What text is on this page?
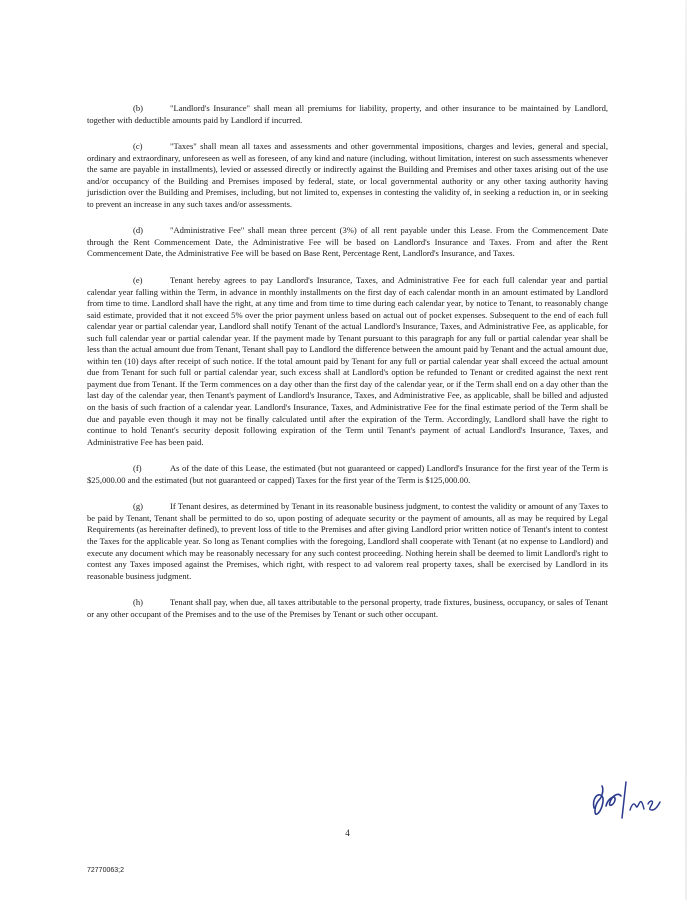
(b)	"Landlord's Insurance" shall mean all premiums for liability, property, and other insurance to be maintained by Landlord, together with deductible amounts paid by Landlord if incurred.

(c)	"Taxes" shall mean all taxes and assessments and other governmental impositions, charges and levies, general and special, ordinary and extraordinary, unforeseen as well as foreseen, of any kind and nature (including, without limitation, interest on such assessments whenever the same are payable in installments), levied or assessed directly or indirectly against the Building and Premises and other taxes arising out of the use and/or occupancy of the Building and Premises imposed by federal, state, or local governmental authority or any other taxing authority having jurisdiction over the Building and Premises, including, but not limited to, expenses in contesting the validity of, in seeking a reduction in, or in seeking to prevent an increase in any such taxes and/or assessments.

(d)	"Administrative Fee" shall mean three percent (3%) of all rent payable under this Lease. From the Commencement Date through the Rent Commencement Date, the Administrative Fee will be based on Landlord's Insurance and Taxes. From and after the Rent Commencement Date, the Administrative Fee will be based on Base Rent, Percentage Rent, Landlord's Insurance, and Taxes.

(e)	Tenant hereby agrees to pay Landlord's Insurance, Taxes, and Administrative Fee for each full calendar year and partial calendar year falling within the Term, in advance in monthly installments on the first day of each calendar month in an amount estimated by Landlord from time to time. Landlord shall have the right, at any time and from time to time during each calendar year, by notice to Tenant, to reasonably change said estimate, provided that it not exceed 5% over the prior payment unless based on actual out of pocket expenses. Subsequent to the end of each full calendar year or partial calendar year, Landlord shall notify Tenant of the actual Landlord's Insurance, Taxes, and Administrative Fee, as applicable, for such full calendar year or partial calendar year. If the payment made by Tenant pursuant to this paragraph for any full or partial calendar year shall be less than the actual amount due from Tenant, Tenant shall pay to Landlord the difference between the amount paid by Tenant and the actual amount due, within ten (10) days after receipt of such notice. If the total amount paid by Tenant for any full or partial calendar year shall exceed the actual amount due from Tenant for such full or partial calendar year, such excess shall at Landlord's option be refunded to Tenant or credited against the next rent payment due from Tenant. If the Term commences on a day other than the first day of the calendar year, or if the Term shall end on a day other than the last day of the calendar year, then Tenant's payment of Landlord's Insurance, Taxes, and Administrative Fee, as applicable, shall be billed and adjusted on the basis of such fraction of a calendar year. Landlord's Insurance, Taxes, and Administrative Fee for the final estimate period of the Term shall be due and payable even though it may not be finally calculated until after the expiration of the Term. Accordingly, Landlord shall have the right to continue to hold Tenant's security deposit following expiration of the Term until Tenant's payment of actual Landlord's Insurance, Taxes, and Administrative Fee has been paid.

(f)	As of the date of this Lease, the estimated (but not guaranteed or capped) Landlord's Insurance for the first year of the Term is $25,000.00 and the estimated (but not guaranteed or capped) Taxes for the first year of the Term is $125,000.00.

(g)	If Tenant desires, as determined by Tenant in its reasonable business judgment, to contest the validity or amount of any Taxes to be paid by Tenant, Tenant shall be permitted to do so, upon posting of adequate security or the payment of amounts, all as may be required by Legal Requirements (as hereinafter defined), to prevent loss of title to the Premises and after giving Landlord prior written notice of Tenant's intent to contest the Taxes for the applicable year. So long as Tenant complies with the foregoing, Landlord shall cooperate with Tenant (at no expense to Landlord) and execute any document which may be reasonably necessary for any such contest proceeding. Nothing herein shall be deemed to limit Landlord's right to contest any Taxes imposed against the Premises, which right, with respect to ad valorem real property taxes, shall be exercised by Landlord in its reasonable business judgment.

(h)	Tenant shall pay, when due, all taxes attributable to the personal property, trade fixtures, business, occupancy, or sales of Tenant or any other occupant of the Premises and to the use of the Premises by Tenant or such other occupant.

4
72770063;2
